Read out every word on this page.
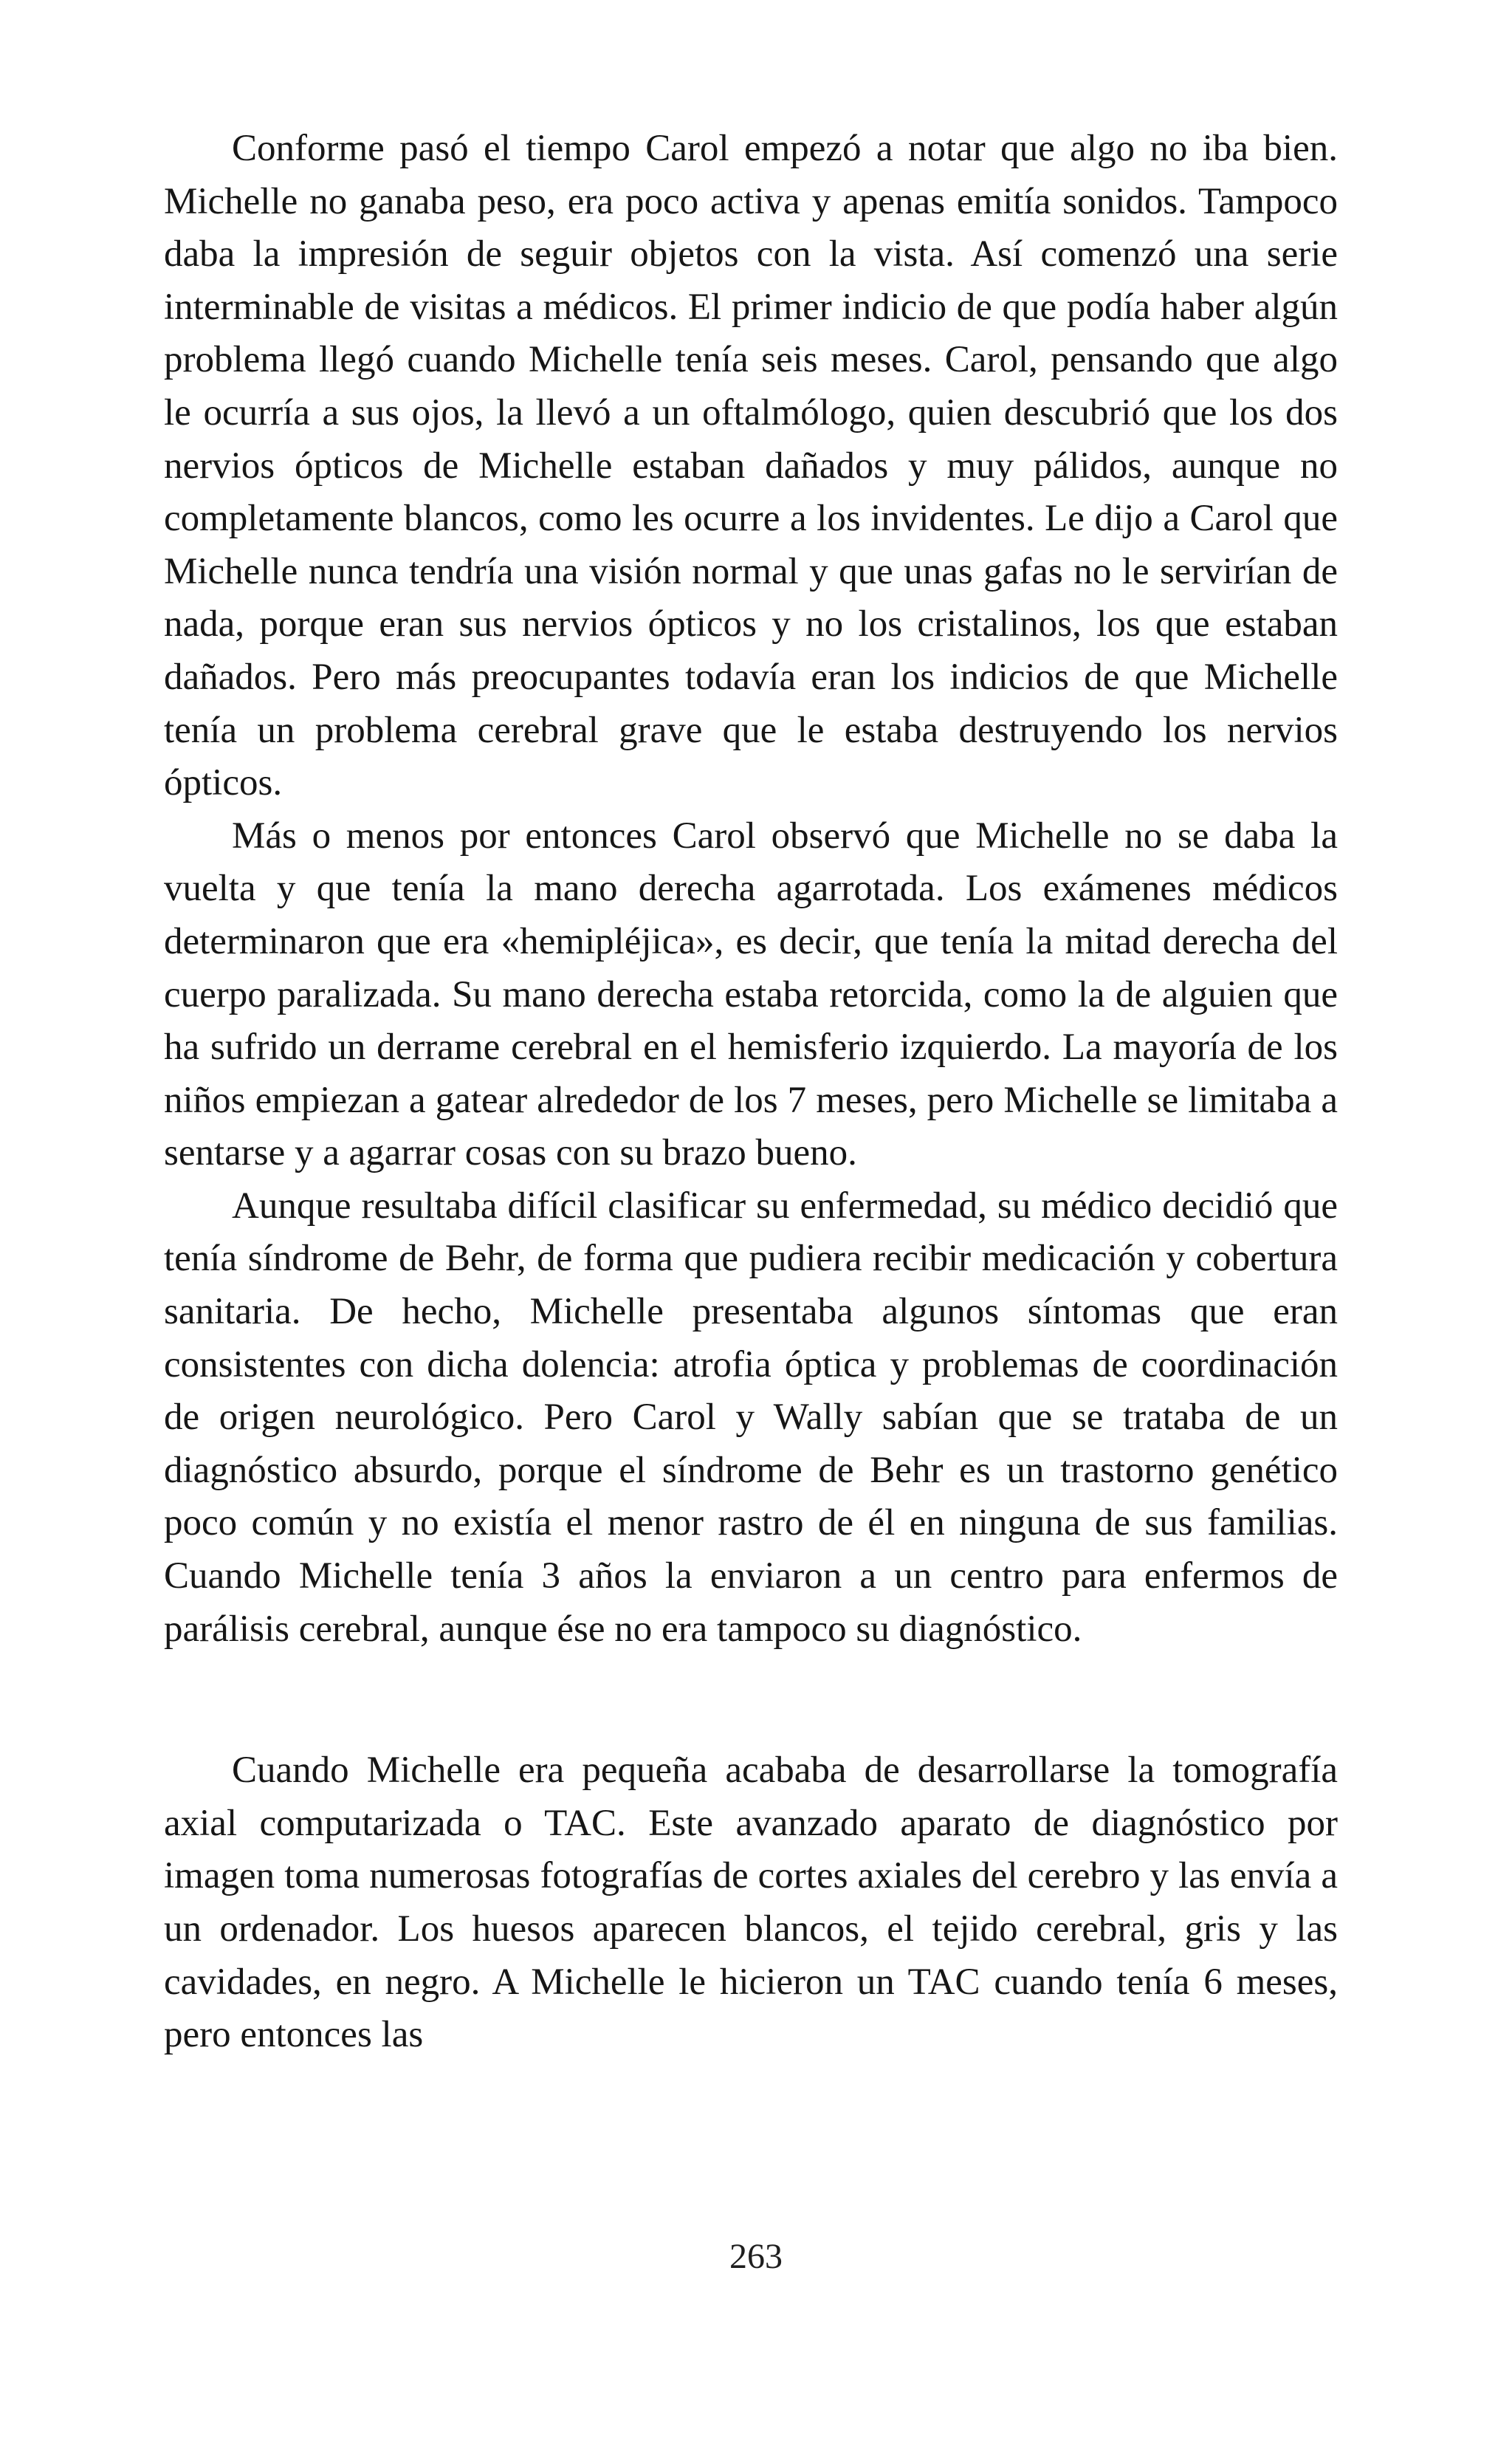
Conforme pasó el tiempo Carol empezó a notar que algo no iba bien. Michelle no ganaba peso, era poco activa y apenas emitía sonidos. Tampoco daba la impresión de seguir objetos con la vista. Así comenzó una serie interminable de visitas a médicos. El primer indicio de que podía haber algún problema llegó cuando Michelle tenía seis meses. Carol, pensando que algo le ocurría a sus ojos, la llevó a un oftalmólogo, quien descubrió que los dos nervios ópticos de Michelle estaban dañados y muy pálidos, aunque no completamente blancos, como les ocurre a los invidentes. Le dijo a Carol que Michelle nunca tendría una visión normal y que unas gafas no le servirían de nada, porque eran sus nervios ópticos y no los cristalinos, los que estaban dañados. Pero más preocupantes todavía eran los indicios de que Michelle tenía un problema cerebral grave que le estaba destruyendo los nervios ópticos.

Más o menos por entonces Carol observó que Michelle no se daba la vuelta y que tenía la mano derecha agarrotada. Los exámenes médicos determinaron que era «hemipléjica», es decir, que tenía la mitad derecha del cuerpo paralizada. Su mano derecha estaba retorcida, como la de alguien que ha sufrido un derrame cerebral en el hemisferio izquierdo. La mayoría de los niños empiezan a gatear alrededor de los 7 meses, pero Michelle se limitaba a sentarse y a agarrar cosas con su brazo bueno.

Aunque resultaba difícil clasificar su enfermedad, su médico decidió que tenía síndrome de Behr, de forma que pudiera recibir medicación y cobertura sanitaria. De hecho, Michelle presentaba algunos síntomas que eran consistentes con dicha dolencia: atrofia óptica y problemas de coordinación de origen neurológico. Pero Carol y Wally sabían que se trataba de un diagnóstico absurdo, porque el síndrome de Behr es un trastorno genético poco común y no existía el menor rastro de él en ninguna de sus familias. Cuando Michelle tenía 3 años la enviaron a un centro para enfermos de parálisis cerebral, aunque ése no era tampoco su diagnóstico.

Cuando Michelle era pequeña acababa de desarrollarse la tomografía axial computarizada o TAC. Este avanzado aparato de diagnóstico por imagen toma numerosas fotografías de cortes axiales del cerebro y las envía a un ordenador. Los huesos aparecen blancos, el tejido cerebral, gris y las cavidades, en negro. A Michelle le hicieron un TAC cuando tenía 6 meses, pero entonces las

263
